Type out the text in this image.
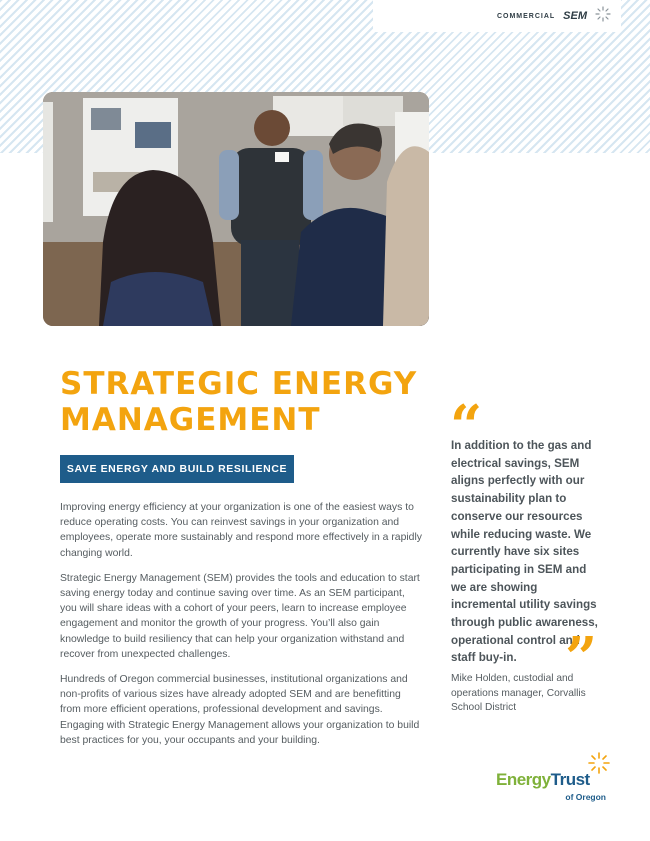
COMMERCIAL SEM
STRATEGIC ENERGY MANAGEMENT
SAVE ENERGY AND BUILD RESILIENCE

Improving energy efficiency at your organization is one of the easiest ways to reduce operating costs. You can reinvest savings in your organization and employees, operate more sustainably and respond more effectively in a rapidly changing world.

Strategic Energy Management (SEM) provides the tools and education to start saving energy today and continue saving over time. As an SEM participant, you will share ideas with a cohort of your peers, learn to increase employee engagement and monitor the growth of your progress. You’ll also gain knowledge to build resiliency that can help your organization withstand and recover from unexpected challenges.

Hundreds of Oregon commercial businesses, institutional organizations and non-profits of various sizes have already adopted SEM and are benefitting from more efficient operations, professional development and savings. Engaging with Strategic Energy Management allows your organization to build best practices for you, your occupants and your building.

“
In addition to the gas and electrical savings, SEM aligns perfectly with our sustainability plan to conserve our resources while reducing waste. We currently have six sites participating in SEM and we are showing incremental utility savings through public awareness, operational control and staff buy-in. ”
Mike Holden, custodial and operations manager, Corvallis School District
EnergyTrust
of Oregon
